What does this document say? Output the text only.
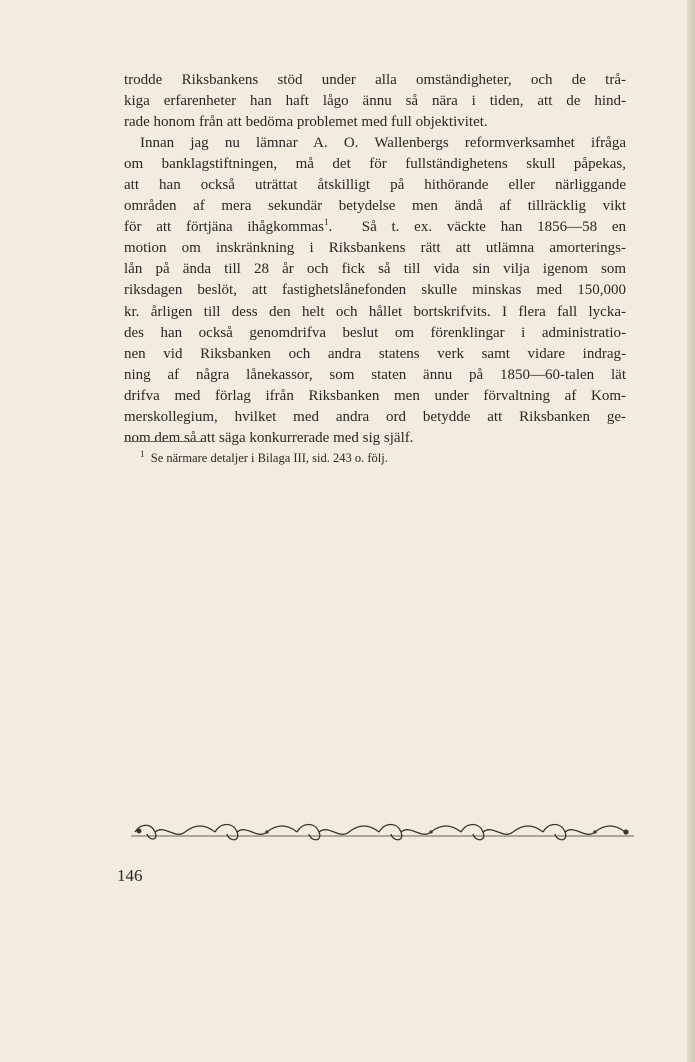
trodde Riksbankens stöd under alla omständigheter, och de trå-
kiga erfarenheter han haft lågo ännu så nära i tiden, att de hind-
rade honom från att bedöma problemet med full objektivitet.
Innan jag nu lämnar A. O. Wallenbergs reformverksamhet ifråga
om banklagstiftningen, må det för fullständighetens skull påpekas,
att han också uträttat åtskilligt på hithörande eller närliggande
områden af mera sekundär betydelse men ändå af tillräcklig vikt
för att förtjäna ihågkommas$^1$.  Så t. ex. väckte han 1856—58 en
motion om inskränkning i Riksbankens rätt att utlämna amorterings-
lån på ända till 28 år och fick så till vida sin vilja igenom som
riksdagen beslöt, att fastighetslånefonden skulle minskas med 150,000
kr. årligen till dess den helt och hållet bortskrifvits. I flera fall lycka-
des han också genomdrifva beslut om förenklingar i administratio-
nen vid Riksbanken och andra statens verk samt vidare indrag-
ning af några lånekassor, som staten ännu på 1850—60-talen lät
drifva med förlag ifrån Riksbanken men under förvaltning af Kom-
merskollegium, hvilket med andra ord betydde att Riksbanken ge-
nom dem så att säga konkurrerade med sig själf.
$^1$ Se närmare detaljer i Bilaga III, sid. 243 o. följ.
146
